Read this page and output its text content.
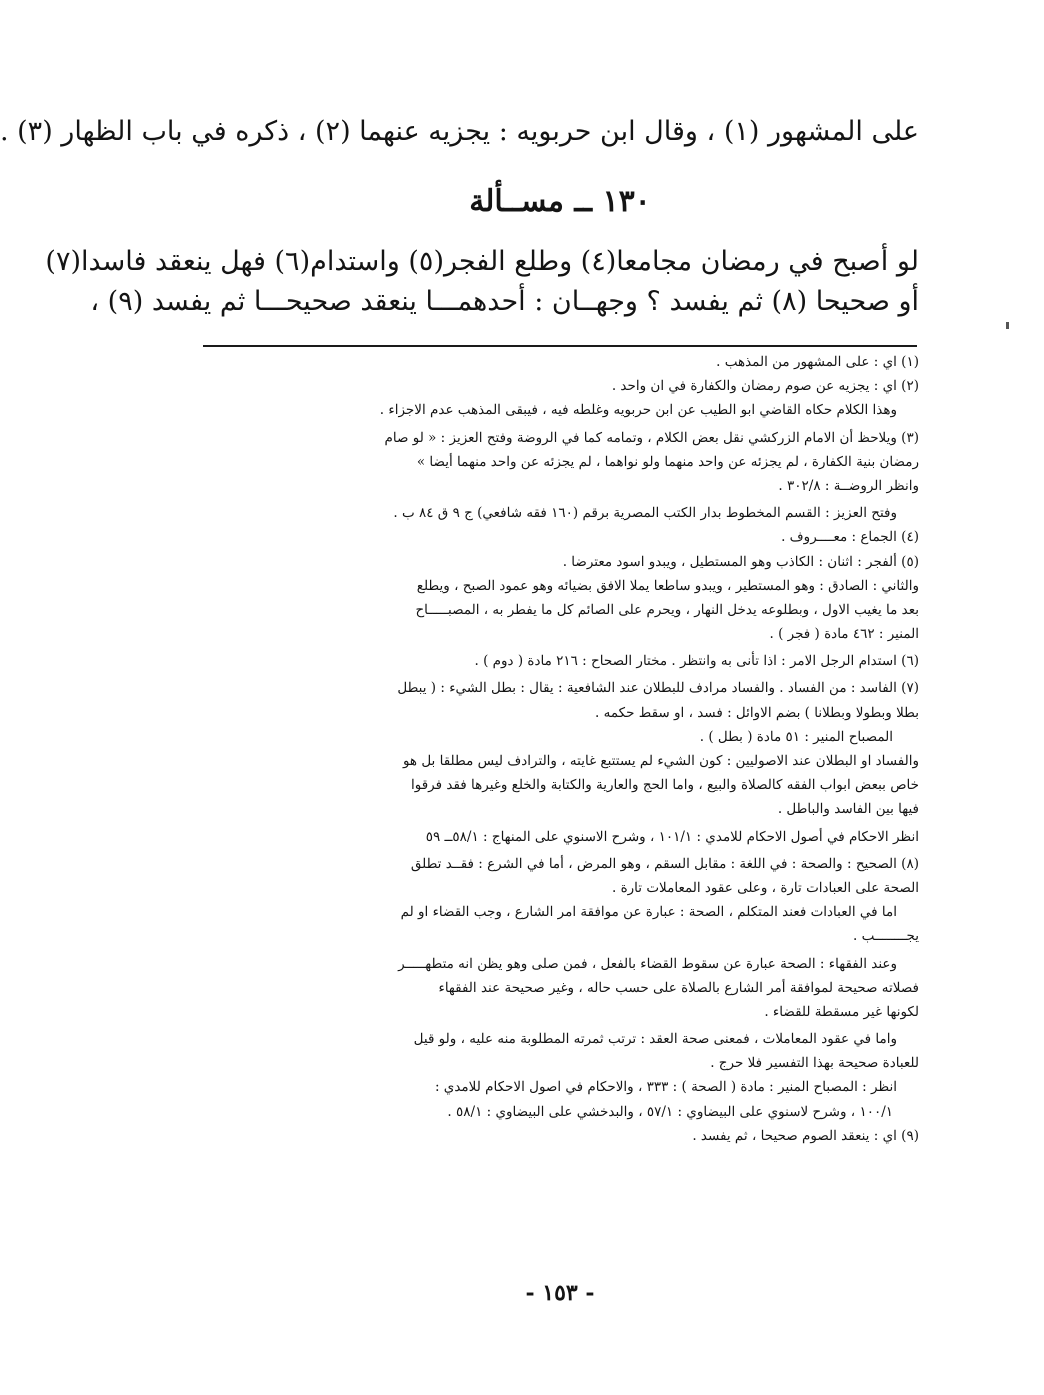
على المشهور (١) ، وقال ابن حربويه : يجزيه عنهما (٢) ، ذكره في باب الظهار (٣) .
١٣٠ ــ مســألة
لو أصبح في رمضان مجامعا(٤) وطلع الفجر(٥) واستدام(٦) فهل ينعقد فاسدا(٧)
أو صحيحا (٨) ثم يفسد ؟ وجهــان : أحدهمـــا ينعقد صحيحـــا ثم يفسد (٩) ،
(١) اي : على المشهور من المذهب .
(٢) اي : يجزيه عن صوم رمضان والكفارة في ان واحد .
وهذا الكلام حكاه القاضي ابو الطيب عن ابن حربويه وغلطه فيه ، فيبقى المذهب عدم الاجزاء .
(٣) ويلاحظ أن الامام الزركشي نقل بعض الكلام ، وتمامه كما في الروضة وفتح العزيز : « لو صام
رمضان بنية الكفارة ، لم يجزئه عن واحد منهما ولو نواهما ، لم يجزئه عن واحد منهما أيضا »
وانظر الروضــة : ٣٠٢/٨ .
وفتح العزيز : القسم المخطوط بدار الكتب المصرية برقم (١٦٠ فقه شافعي) ج ٩ ق ٨٤ ب .
(٤) الجماع : معــــروف .
(٥) ألفجر : اثنان : الكاذب وهو المستطيل ، ويبدو اسود معترضا .
والثاني : الصادق : وهو المستطير ، ويبدو ساطعا يملا الافق بضيائه وهو عمود الصبح ، ويطلع
بعد ما يغيب الاول ، وبطلوعه يدخل النهار ، ويحرم على الصائم كل ما يفطر به ، المصبـــــاح
المنير : ٤٦٢ مادة ( فجر ) .
(٦) استدام الرجل الامر : اذا تأنى به وانتظر . مختار الصحاح : ٢١٦ مادة ( دوم ) .
(٧) الفاسد : من الفساد . والفساد مرادف للبطلان عند الشافعية : يقال : بطل الشيء : ( يبطل
بطلا وبطولا وبطلانا ) بضم الاوائل : فسد ، او سقط حكمه .
المصباح المنير : ٥١ مادة ( بطل ) .
والفساد او البطلان عند الاصوليين : كون الشيء لم يستتبع غايته ، والترادف ليس مطلقا بل هو
خاص ببعض ابواب الفقه كالصلاة والبيع ، واما الحج والعارية والكتابة والخلع وغيرها فقد فرقوا
فيها بين الفاسد والباطل .
انظر الاحكام في أصول الاحكام للامدي : ١٠١/١ ، وشرح الاسنوي على المنهاج : ٥٨/١ــ ٥٩
(٨) الصحيح : والصحة : في اللغة : مقابل السقم ، وهو المرض ، أما في الشرع : فقــد تطلق
الصحة على العبادات تارة ، وعلى عقود المعاملات تارة .
اما في العبادات فعند المتكلم ، الصحة : عبارة عن موافقة امر الشارع ، وجب القضاء او لم
يجــــــــب .
وعند الفقهاء : الصحة عبارة عن سقوط القضاء بالفعل ، فمن صلى وهو يظن انه متطهـــــر
فصلاته صحيحة لموافقة أمر الشارع بالصلاة على حسب حاله ، وغير صحيحة عند الفقهاء
لكونها غير مسقطة للقضاء .
واما في عقود المعاملات ، فمعنى صحة العقد : ترتب ثمرته المطلوبة منه عليه ، ولو قيل
للعبادة صحيحة بهذا التفسير فلا حرج .
انظر : المصباح المنير : مادة ( الصحة ) : ٣٣٣ ، والاحكام في اصول الاحكام للامدي :
١٠٠/١ ، وشرح لاسنوي على البيضاوي : ٥٧/١ ، والبدخشي على البيضاوي : ٥٨/١ .
(٩) اي : ينعقد الصوم صحيحا ، ثم يفسد .
- ١٥٣ -
